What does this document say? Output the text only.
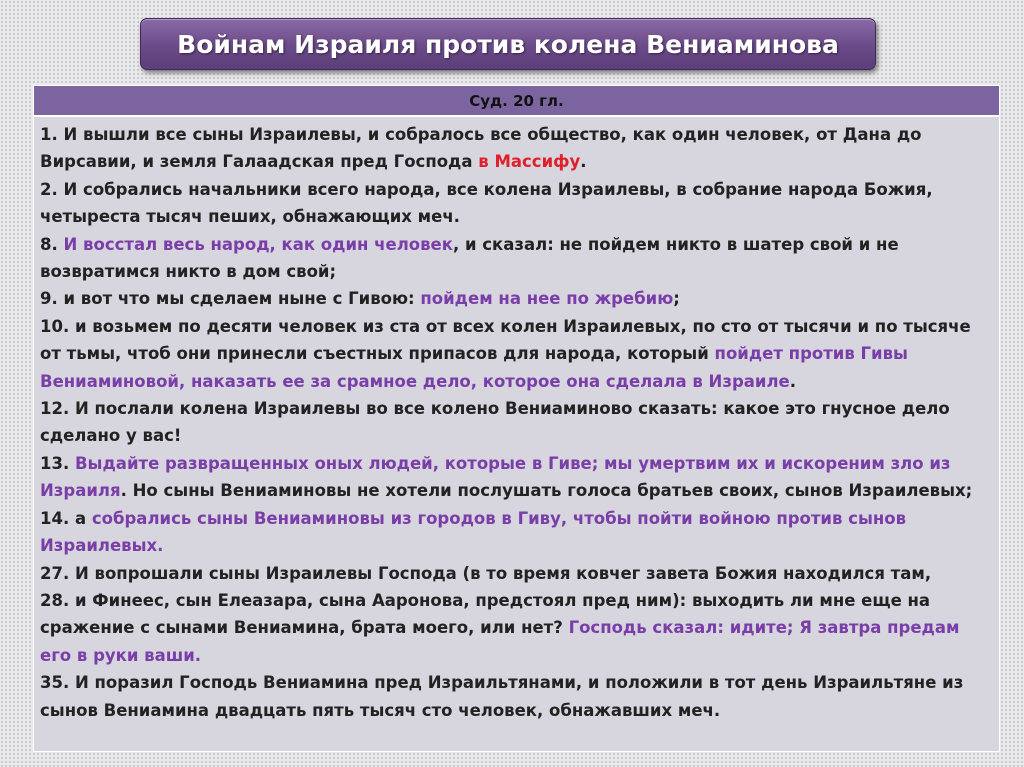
Войнам Израиля против колена Вениаминова
Суд. 20 гл.

1. И вышли все сыны Израилевы, и собралось все общество, как один человек, от Дана до Вирсавии, и земля Галаадская пред Господа в Массифу.

2. И собрались начальники всего народа, все колена Израилевы, в собрание народа Божия, четыреста тысяч пеших, обнажающих меч.

8. И восстал весь народ, как один человек, и сказал: не пойдем никто в шатер свой и не возвратимся никто в дом свой;

9. и вот что мы сделаем ныне с Гивою: пойдем на нее по жребию;

10. и возьмем по десяти человек из ста от всех колен Израилевых, по сто от тысячи и по тысяче от тьмы, чтоб они принесли съестных припасов для народа, который пойдет против Гивы Вениаминовой, наказать ее за срамное дело, которое она сделала в Израиле.

12. И послали колена Израилевы во все колено Вениаминово сказать: какое это гнусное дело сделано у вас!

13. Выдайте развращенных оных людей, которые в Гиве; мы умертвим их и искореним зло из Израиля. Но сыны Вениаминовы не хотели послушать голоса братьев своих, сынов Израилевых;

14. а собрались сыны Вениаминовы из городов в Гиву, чтобы пойти войною против сынов Израилевых.

27. И вопрошали сыны Израилевы Господа (в то время ковчег завета Божия находился там,

28. и Финеес, сын Елеазара, сына Ааронова, предстоял пред ним): выходить ли мне еще на сражение с сынами Вениамина, брата моего, или нет? Господь сказал: идите; Я завтра предам его в руки ваши.

35. И поразил Господь Вениамина пред Израильтянами, и положили в тот день Израильтяне из сынов Вениамина двадцать пять тысяч сто человек, обнажавших меч.
